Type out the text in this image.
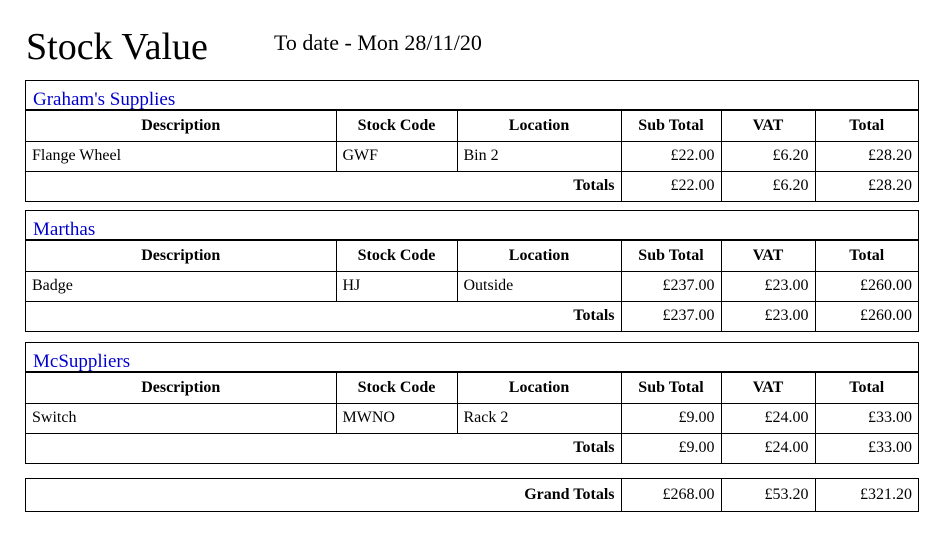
Stock Value	To date - Mon 28/11/20
Graham's Supplies
Description	Stock Code	Location	Sub Total	VAT	Total
Flange Wheel	GWF	Bin 2	£22.00	£6.20	£28.20
Totals			£22.00	£6.20	£28.20
Marthas
Description	Stock Code	Location	Sub Total	VAT	Total
Badge	HJ	Outside	£237.00	£23.00	£260.00
Totals			£237.00	£23.00	£260.00
McSuppliers
Description	Stock Code	Location	Sub Total	VAT	Total
Switch	MWNO	Rack 2	£9.00	£24.00	£33.00
Totals			£9.00	£24.00	£33.00
Grand Totals	£268.00	£53.20	£321.20
